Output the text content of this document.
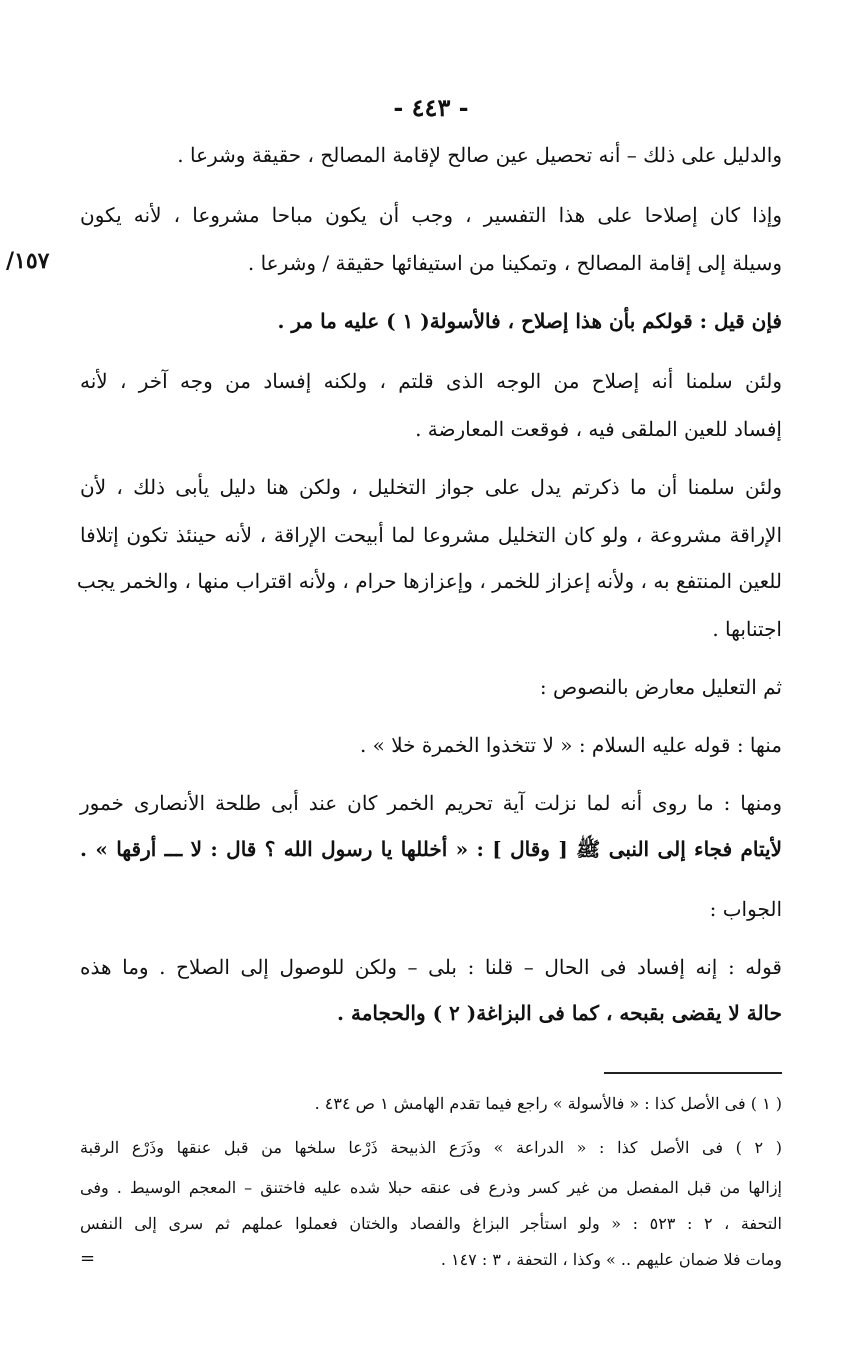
- ٤٤٣ -
١٥٧/
والدليل على ذلك – أنه تحصيل عين صالح لإقامة المصالح ، حقيقة وشرعا .
وإذا كان إصلاحا على هذا التفسير ، وجب أن يكون مباحا مشروعا ، لأنه يكون
وسيلة إلى إقامة المصالح ، وتمكينا من استيفائها حقيقة / وشرعا .
فإن قيل : قولكم بأن هذا إصلاح ، فالأسولة( ١ ) عليه ما مر .
ولئن سلمنا أنه إصلاح من الوجه الذى قلتم ، ولكنه إفساد من وجه آخر ، لأنه
إفساد للعين الملقى فيه ، فوقعت المعارضة .
ولئن سلمنا أن ما ذكرتم يدل على جواز التخليل ، ولكن هنا دليل يأبى ذلك ، لأن
الإراقة مشروعة ، ولو كان التخليل مشروعا لما أبيحت الإراقة ، لأنه حينئذ تكون إتلافا
للعين المنتفع به ، ولأنه إعزاز للخمر ، وإعزازها حرام ، ولأنه اقتراب منها ، والخمر يجب
اجتنابها .
ثم التعليل معارض بالنصوص :
منها : قوله عليه السلام : « لا تتخذوا الخمرة خلا » .
ومنها : ما روى أنه لما نزلت آية تحريم الخمر كان عند أبى طلحة الأنصارى خمور
لأيتام فجاء إلى النبى ﷺ [ وقال ] : « أخللها يا رسول الله ؟ قال : لا ـــ أرقها » .
الجواب :
قوله : إنه إفساد فى الحال – قلنا : بلى – ولكن للوصول إلى الصلاح . وما هذه
حالة لا يقضى بقبحه ، كما فى البزاغة( ٢ ) والحجامة .
( ١ ) فى الأصل كذا : « فالأسولة » راجع فيما تقدم الهامش ١ ص ٤٣٤ .
( ٢ ) فى الأصل كذا : « الدراعة » وذَرَع الذبيحة ذَرْعا سلخها من قبل عنقها وذَرْع الرقبة
إزالها من قبل المفصل من غير كسر وذرع فى عنقه حبلا شده عليه فاختنق – المعجم الوسيط . وفى
التحفة ، ٢ : ٥٢٣ : « ولو استأجر البزاغ والفصاد والختان فعملوا عملهم ثم سرى إلى النفس
ومات فلا ضمان عليهم .. » وكذا ، التحفة ، ٣ : ١٤٧ .
=
